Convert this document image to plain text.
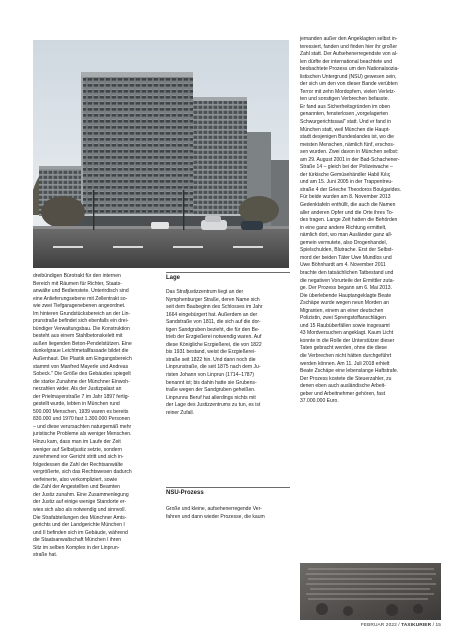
dreibündigen Bürotrakt für den internen

Bereich mit Räumen für Richter, Staats-

anwälte und Bedienstete. Unterirdisch sind

eine Anlieferungsebene mit Zellentrakt so-

wie zwei Tiefgaragenebenen angeordnet.

Im hinteren Grundstücksbereich an der Lin-

prunstraße befindet sich ebenfalls ein drei-

bündiger Verwaltungsbau. Die Konstruktion

besteht aus einem Stahlbetonskelett mit

außen liegenden Beton-Pendelstützen. Eine

dunkelgraue Leichtmetallfassade bildet die

Außenhaut. Die Plastik am Eingangsbereich

stammt von Manfred Mayerle und Andreas

Sobeck." Die Größe des Gebäudes spiegelt

die starke Zunahme der Münchner Einwoh-

nerzahlen wider. Als der Justizpalast an

der Prielmayerstraße 7 im Jahr 1897 fertig-

gestellt wurde, lebten in München rund

500.000 Menschen, 1939 waren es bereits

830.000 und 1970 fast 1.300.000 Personen

– und diese verursachten naturgemäß mehr

juristische Probleme als weniger Menschen.

Hinzu kam, dass man im Laufe der Zeit

weniger auf Selbstjustiz setzte, sondern

zunehmend vor Gericht stritt und sich in-

folgedessen die Zahl der Rechtsanwälte

vergrößerte, sich das Rechtswesen dadurch

verfeinerte, also verkompliziert, sowie

die Zahl der Angestellten und Beamten

der Justiz zunahm. Eine Zusammenlegung

der Justiz auf einige wenige Standorte er-

wies sich also als notwendig und sinnvoll.

Die Strafabteilungen des Münchner Amts-

gerichts und der Landgerichte München I

und II befinden sich im Gebäude, während

die Staatsanwaltschaft München I ihren

Sitz im selben Komplex in der Linprun-

straße hat.

Lage

Das Strafjustizzentrum liegt an der

Nymphenburger Straße, deren Name sich

seit dem Baubeginn des Schlosses im Jahr

1664 eingebürgert hat. Außerdem an der

Sandstraße von 1811, die sich auf die dor-

tigen Sandgruben bezieht, die für den Be-

trieb der Erzgießerei notwendig waren. Auf

diese Königliche Erzgießerei, die von 1822

bis 1931 bestand, weist die Erzgießerei-

straße seit 1822 hin. Und dann noch die

Linprunstraße, die seit 1875 nach dem Ju-

risten Johann von Linprun (1714–1787)

benannt ist; bis dahin hatte sie Grubens-

traße wegen der Sandgruben geheißen.

Linprunns Beruf hat allerdings nichts mit

der Lage des Justizzentrums zu tun, es ist

reiner Zufall.

NSU-Prozess

Große und kleine, aufsehenerregende Ver-

fahren und dann wieder Prozesse, die kaum

jemanden außer den Angeklagten selbst in-

teressiert, fanden und finden hier ihr großer

Zahl statt. Der Aufsehenerregendste von al-

len dürfte der international beachtete und

beobachtete Prozess um den Nationalsozia-

listischen Untergrund (NSU) gewesen sein,

der sich um den von dieser Bande verübten

Terror mit zehn Mordopfern, vielen Verletz-

ten und sonstigen Verbrechen befasste.

Er fand aus Sicherheitsgründen im oben

genannten, fensterlosen „vorgelagerten

Schwurgerichtssaal" statt. Und er fand in

München statt, weil München die Haupt-

stadt desjenigen Bundeslandes ist, wo die

meisten Menschen, nämlich fünf, erschos-

sen wurden. Zwei davon in München selbst:

am 29. August 2001 in der Bad-Schachener-

Straße 14 – gleich bei der Polizeiwache –

der türkische Gemüsehändler Habil Kılıç

und am 15. Juni 2005 in der Trappentreu-

straße 4 der Grieche Theodoros Boulgarides.

Für beide wurden am 8. November 2013

Gedenktafeln enthüllt, die auch die Namen

aller anderen Opfer und die Orte ihres To-

des tragen. Lange Zeit hatten die Behörden

in eine ganz andere Richtung ermittelt,

nämlich dort, wo man Ausländer ganz all-

gemein vermutete, also Drogenhandel,

Spielschulden, Blutrache. Erst der Selbst-

mord der beiden Täter Uwe Mundlos und

Uwe Böhnhardt am 4. November 2011

brachte den tatsächlichen Tatbestand und

die negativen Vorurteile der Ermittler zuta-

ge. Der Prozess begann am 6. Mai 2013.

Die überlebende Hauptangeklagte Beate

Zschäpe wurde wegen neun Morden an

Migranten, einem an einer deutschen

Polizistin, zwei Sprengstoffanschlägen

und 15 Raubüberfällen sowie insgesamt

43 Mordversuchen angeklagt. Kaum Licht

konnte in die Rolle der Unterstützer dieser

Taten gebracht werden, ohne die diese

die Verbrechen nicht hätten durchgeführt

werden können. Am 11. Juli 2018 erhielt

Beate Zschäpe eine lebenslange Haftstrafe.

Der Prozess kostete die Steuerzahler, zu

denen eben auch ausländische Arbeit-

geber und Arbeitnehmer gehören, fast

37.000.000 Euro.

FEBRUAR 2022 / TAXIKURIER / 15
